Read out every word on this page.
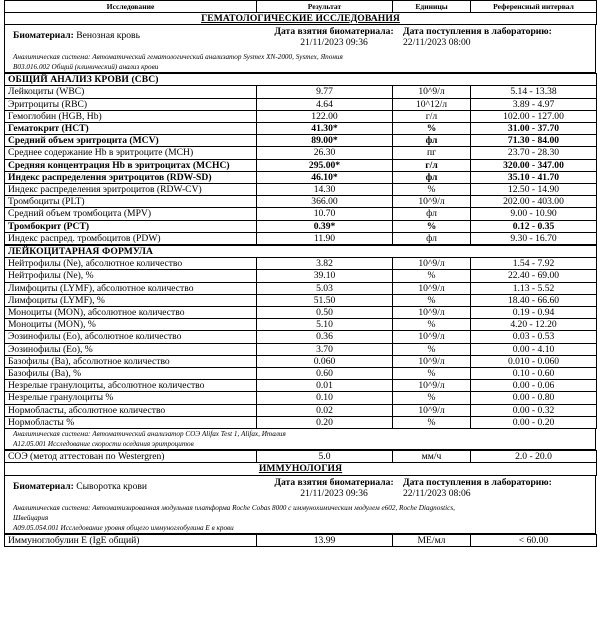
Исследование	Результат	Единицы	Референсный интервал
ГЕМАТОЛОГИЧЕСКИЕ ИССЛЕДОВАНИЯ
Биоматериал: Венозная кровь	Дата взятия биоматериала:
21/11/2023 09:36
Дата поступления в лабораторию:
22/11/2023 08:00
Аналитическая система: Автоматический гематологический анализатор Sysmex XN-2000, Sysmex, Япония
B03.016.002 Общий (клинический) анализ крови
ОБЩИЙ АНАЛИЗ КРОВИ (CBC)			
Лейкоциты (WBC)	9.77	10^9/л	5.14 - 13.38
Эритроциты (RBC)	4.64	10^12/л	3.89 - 4.97
Гемоглобин (HGB, Hb)	122.00	г/л	102.00 - 127.00
Гематокрит (HCT)	41.30*	%	31.00 - 37.70
Средний объем эритроцита (MCV)	89.00*	фл	71.30 - 84.00
Среднее содержание Hb в эритроците (MCH)	26.30	пг	23.70 - 28.30
Средняя концентрация Hb в эритроцитах (MCHC)	295.00*	г/л	320.00 - 347.00
Индекс распределения эритроцитов (RDW-SD)	46.10*	фл	35.10 - 41.70
Индекс распределения эритроцитов (RDW-CV)	14.30	%	12.50 - 14.90
Тромбоциты (PLT)	366.00	10^9/л	202.00 - 403.00
Средний объем тромбоцита (MPV)	10.70	фл	9.00 - 10.90
Тромбокрит (PCT)	0.39*	%	0.12 - 0.35
Индекс распред. тромбоцитов (PDW)	11.90	фл	9.30 - 16.70
ЛЕЙКОЦИТАРНАЯ ФОРМУЛА			
Нейтрофилы (Ne), абсолютное количество	3.82	10^9/л	1.54 - 7.92
Нейтрофилы (Ne), %	39.10	%	22.40 - 69.00
Лимфоциты (LYMF), абсолютное количество	5.03	10^9/л	1.13 - 5.52
Лимфоциты (LYMF), %	51.50	%	18.40 - 66.60
Моноциты (MON), абсолютное количество	0.50	10^9/л	0.19 - 0.94
Моноциты (MON), %	5.10	%	4.20 - 12.20
Эозинофилы (Eo), абсолютное количество	0.36	10^9/л	0.03 - 0.53
Эозинофилы (Eo), %	3.70	%	0.00 - 4.10
Базофилы (Ba), абсолютное количество	0.060	10^9/л	0.010 - 0.060
Базофилы (Ba), %	0.60	%	0.10 - 0.60
Незрелые гранулоциты, абсолютное количество	0.01	10^9/л	0.00 - 0.06
Незрелые гранулоциты %	0.10	%	0.00 - 0.80
Нормобласты, абсолютное количество	0.02	10^9/л	0.00 - 0.32
Нормобласты %	0.20	%	0.00 - 0.20
Аналитическая система: Автоматический анализатор СОЭ Alifax Test 1, Alifax, Италия
A12.05.001 Исследование скорости оседания эритроцитов
СОЭ (метод аттестован по Westergren)	5.0	мм/ч	2.0 - 20.0
ИММУНОЛОГИЯ
Биоматериал: Сыворотка крови	Дата взятия биоматериала:
21/11/2023 09:36
Дата поступления в лабораторию:
22/11/2023 08:06
Аналитическая система: Автоматизированная модульная платформа Roche Cobas 8000 с иммунохимическим модулем e602, Roche Diagnostics,
Швейцария
A09.05.054.001 Исследование уровня общего иммуноглобулина E в крови
Иммуноглобулин E (IgE общий)	13.99	МЕ/мл	< 60.00
